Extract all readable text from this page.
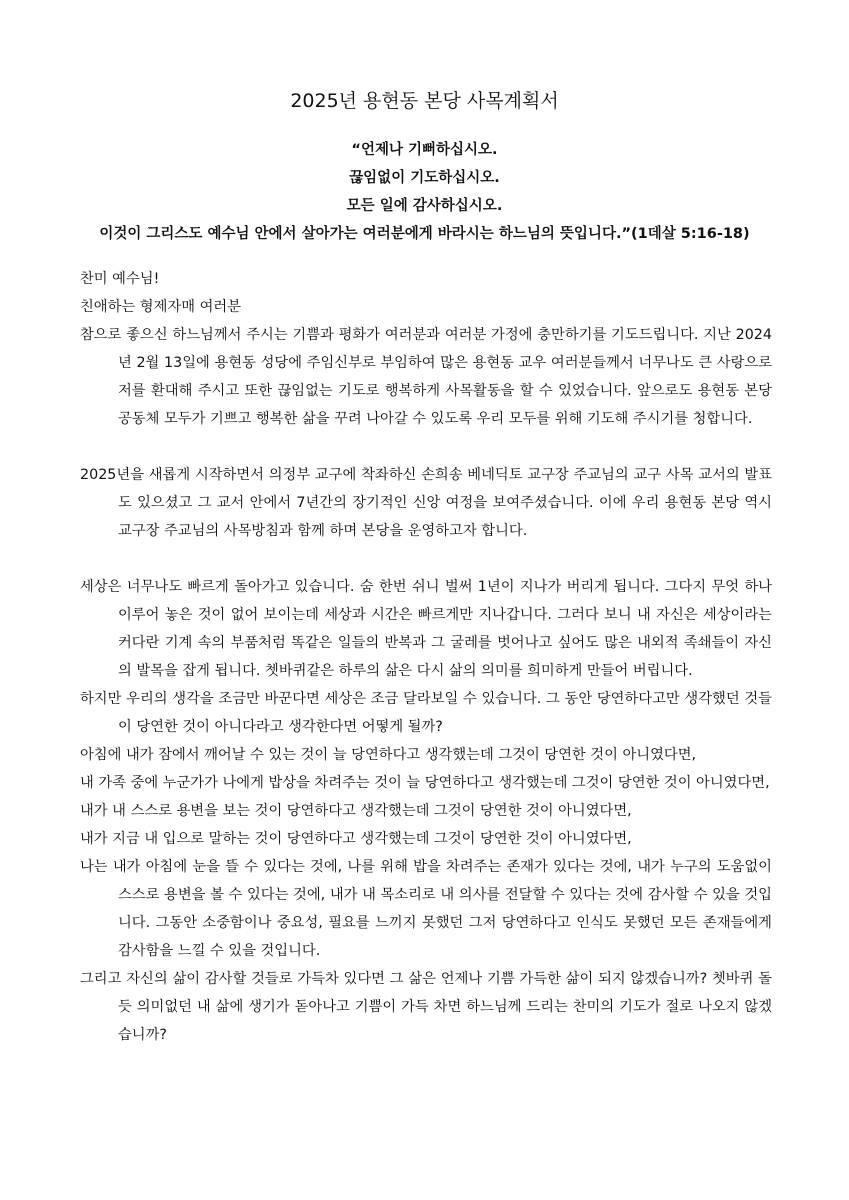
2025년 용현동 본당 사목계획서
“언제나 기뻐하십시오.
끊임없이 기도하십시오.
모든 일에 감사하십시오.
이것이 그리스도 예수님 안에서 살아가는 여러분에게 바라시는 하느님의 뜻입니다.”(1데살 5:16-18)

찬미 예수님!

친애하는 형제자매 여러분

참으로 좋으신 하느님께서 주시는 기쁨과 평화가 여러분과 여러분 가정에 충만하기를 기도드립니다. 지난 2024년 2월 13일에 용현동 성당에 주임신부로 부임하여 많은 용현동 교우 여러분들께서 너무나도 큰 사랑으로 저를 환대해 주시고 또한 끊임없는 기도로 행복하게 사목활동을 할 수 있었습니다. 앞으로도 용현동 본당 공동체 모두가 기쁘고 행복한 삶을 꾸려 나아갈 수 있도록 우리 모두를 위해 기도해 주시기를 청합니다.

2025년을 새롭게 시작하면서 의정부 교구에 착좌하신 손희송 베네딕토 교구장 주교님의 교구 사목 교서의 발표도 있으셨고 그 교서 안에서 7년간의 장기적인 신앙 여정을 보여주셨습니다. 이에 우리 용현동 본당 역시 교구장 주교님의 사목방침과 함께 하며 본당을 운영하고자 합니다.

세상은 너무나도 빠르게 돌아가고 있습니다. 숨 한번 쉬니 벌써 1년이 지나가 버리게 됩니다. 그다지 무엇 하나 이루어 놓은 것이 없어 보이는데 세상과 시간은 빠르게만 지나갑니다. 그러다 보니 내 자신은 세상이라는 커다란 기계 속의 부품처럼 똑같은 일들의 반복과 그 굴레를 벗어나고 싶어도 많은 내외적 족쇄들이 자신의 발목을 잡게 됩니다. 쳇바퀴같은 하루의 삶은 다시 삶의 의미를 희미하게 만들어 버립니다.

하지만 우리의 생각을 조금만 바꾼다면 세상은 조금 달라보일 수 있습니다. 그 동안 당연하다고만 생각했던 것들이 당연한 것이 아니다라고 생각한다면 어떻게 될까?

아침에 내가 잠에서 깨어날 수 있는 것이 늘 당연하다고 생각했는데 그것이 당연한 것이 아니였다면,

내 가족 중에 누군가가 나에게 밥상을 차려주는 것이 늘 당연하다고 생각했는데 그것이 당연한 것이 아니였다면,

내가 내 스스로 용변을 보는 것이 당연하다고 생각했는데 그것이 당연한 것이 아니였다면,

내가 지금 내 입으로 말하는 것이 당연하다고 생각했는데 그것이 당연한 것이 아니였다면,

나는 내가 아침에 눈을 뜰 수 있다는 것에, 나를 위해 밥을 차려주는 존재가 있다는 것에, 내가 누구의 도움없이 스스로 용변을 볼 수 있다는 것에, 내가 내 목소리로 내 의사를 전달할 수 있다는 것에 감사할 수 있을 것입니다. 그동안 소중함이나 중요성, 필요를 느끼지 못했던 그저 당연하다고 인식도 못했던 모든 존재들에게 감사함을 느낄 수 있을 것입니다.

그리고 자신의 삶이 감사할 것들로 가득차 있다면 그 삶은 언제나 기쁨 가득한 삶이 되지 않겠습니까? 쳇바퀴 돌듯 의미없던 내 삶에 생기가 돋아나고 기쁨이 가득 차면 하느님께 드리는 찬미의 기도가 절로 나오지 않겠습니까?
